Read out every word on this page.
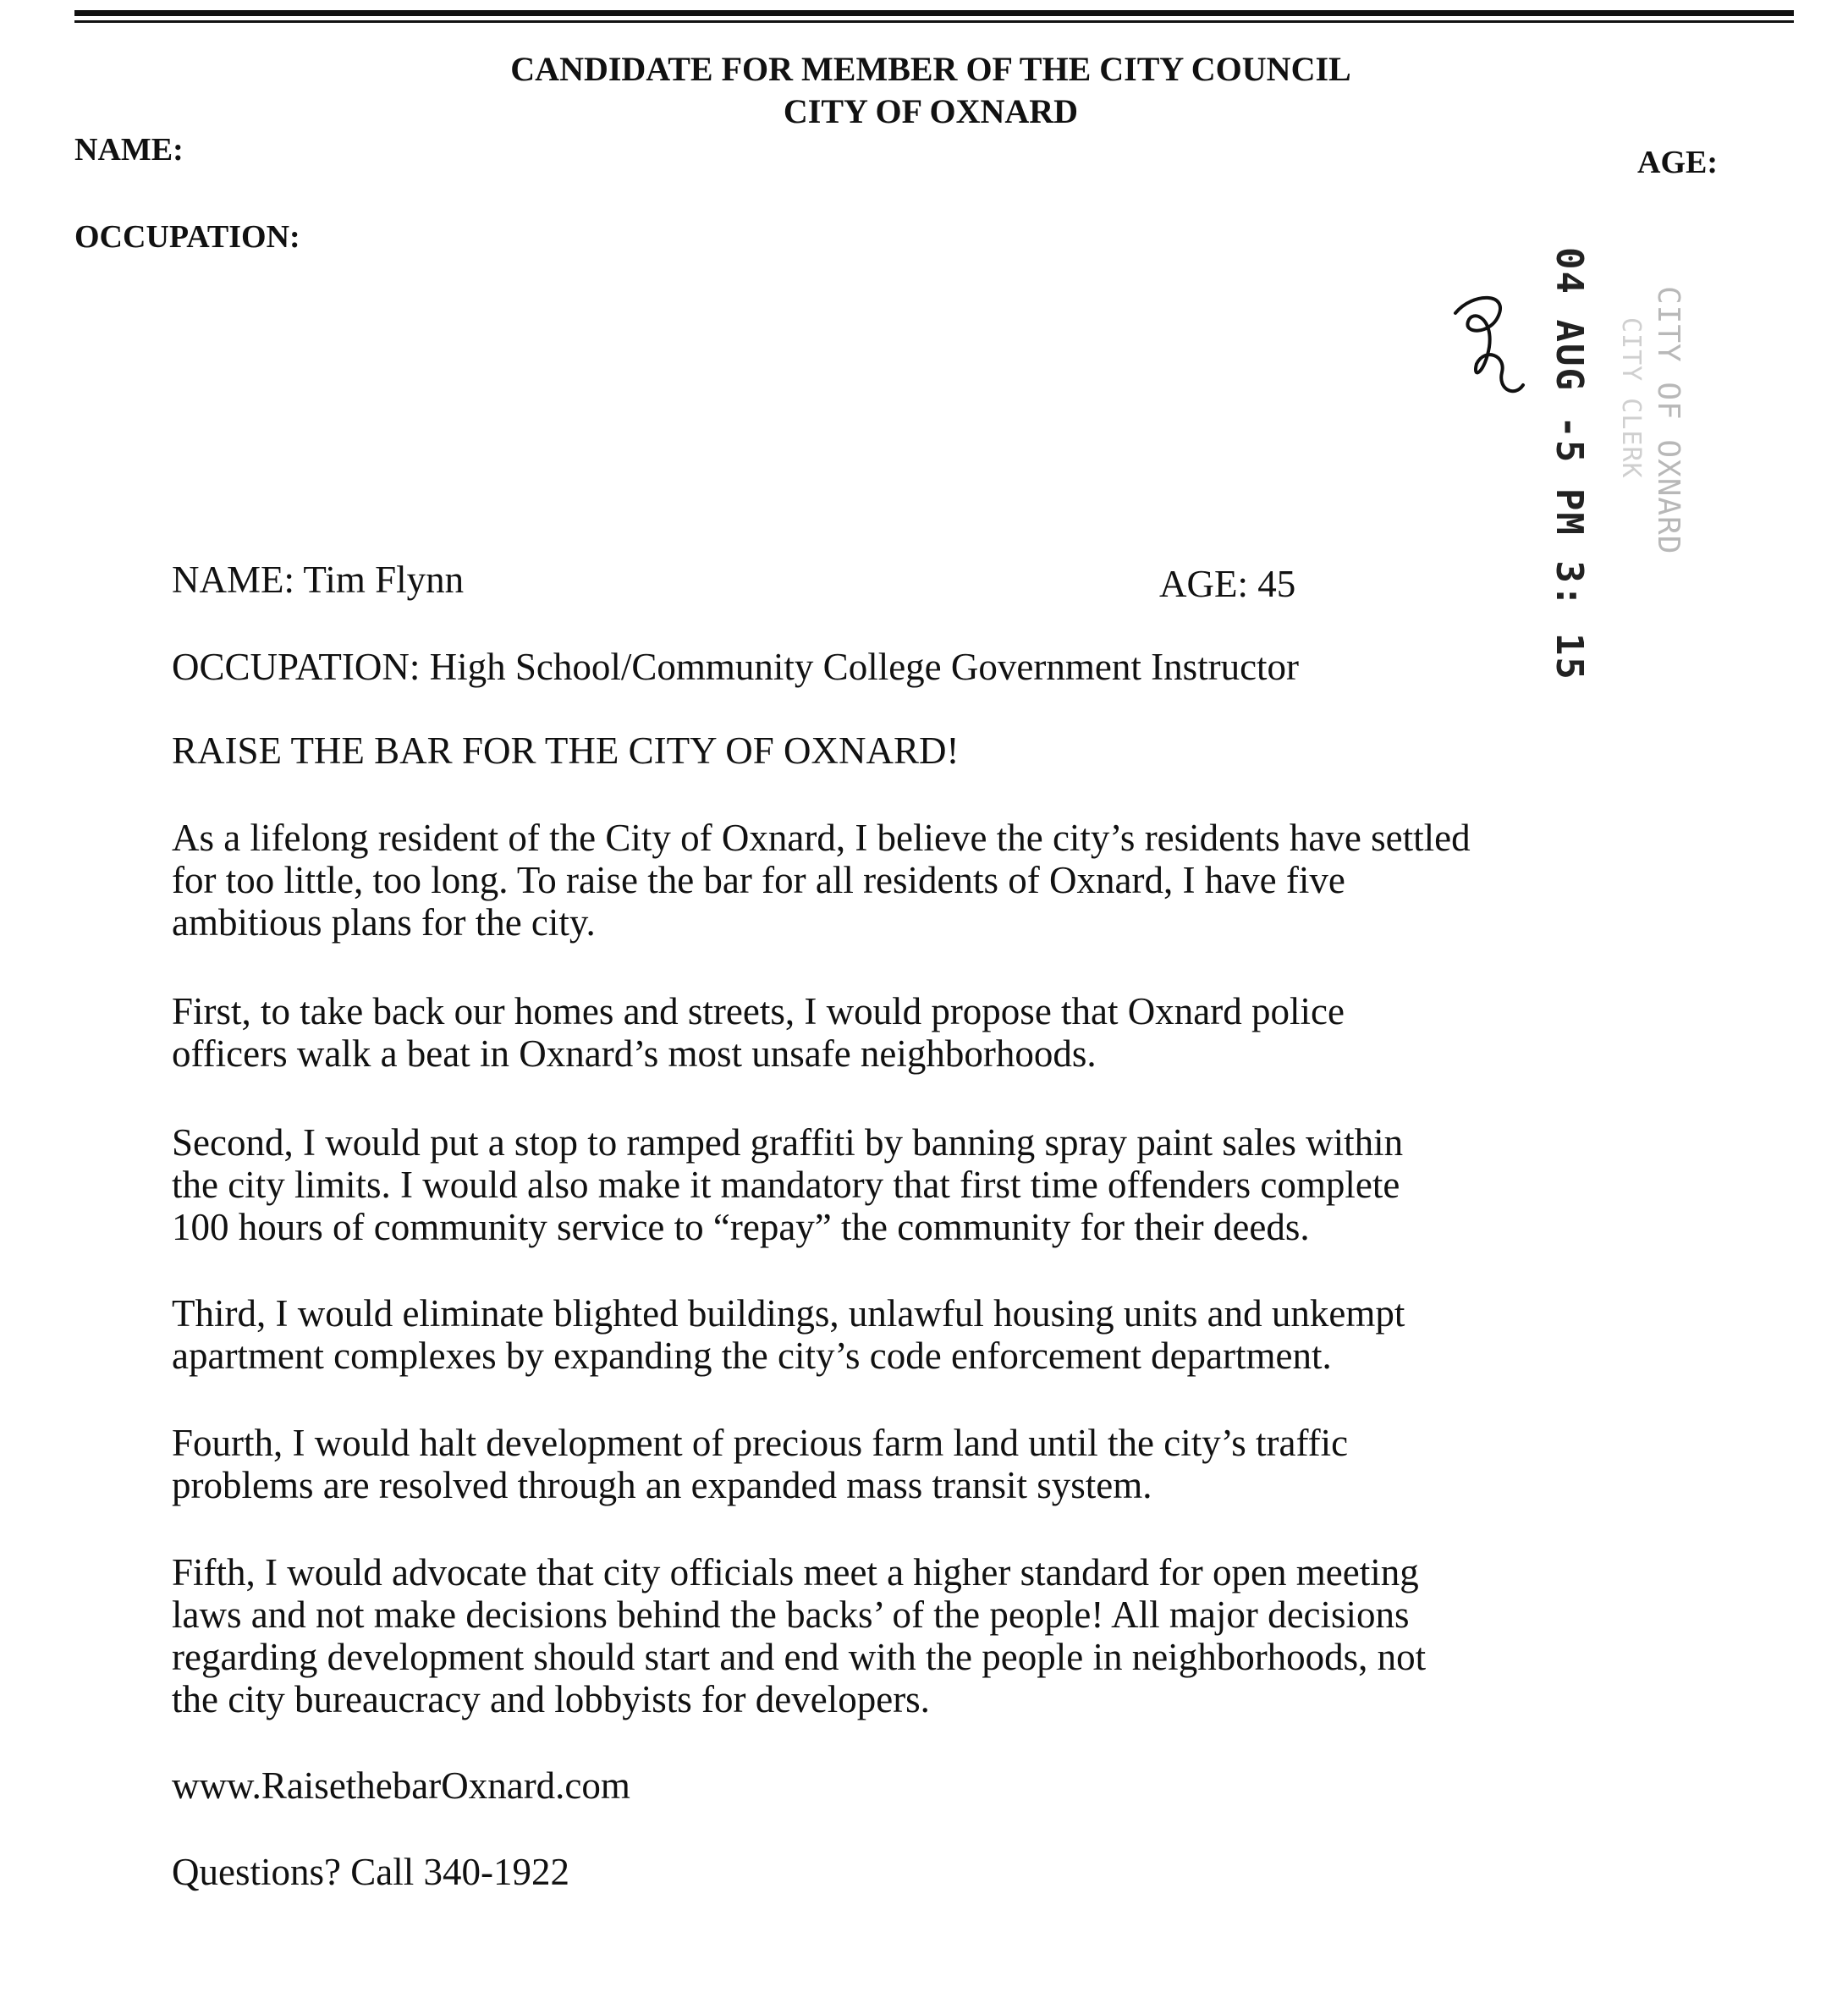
CANDIDATE FOR MEMBER OF THE CITY COUNCIL
CITY OF OXNARD
NAME:	AGE:
OCCUPATION:
04 AUG -5 PM 3: 15 CITY OF OXNARD
CITY CLERK
NAME: Tim Flynn	AGE: 45
OCCUPATION: High School/Community College Government Instructor
RAISE THE BAR FOR THE CITY OF OXNARD!
As a lifelong resident of the City of Oxnard, I believe the city’s residents have settled
for too little, too long. To raise the bar for all residents of Oxnard, I have five
ambitious plans for the city.
First, to take back our homes and streets, I would propose that Oxnard police
officers walk a beat in Oxnard’s most unsafe neighborhoods.
Second, I would put a stop to ramped graffiti by banning spray paint sales within
the city limits. I would also make it mandatory that first time offenders complete
100 hours of community service to “repay” the community for their deeds.
Third, I would eliminate blighted buildings, unlawful housing units and unkempt
apartment complexes by expanding the city’s code enforcement department.
Fourth, I would halt development of precious farm land until the city’s traffic
problems are resolved through an expanded mass transit system.
Fifth, I would advocate that city officials meet a higher standard for open meeting
laws and not make decisions behind the backs’ of the people! All major decisions
regarding development should start and end with the people in neighborhoods, not
the city bureaucracy and lobbyists for developers.
www.RaisethebarOxnard.com
Questions? Call 340-1922
